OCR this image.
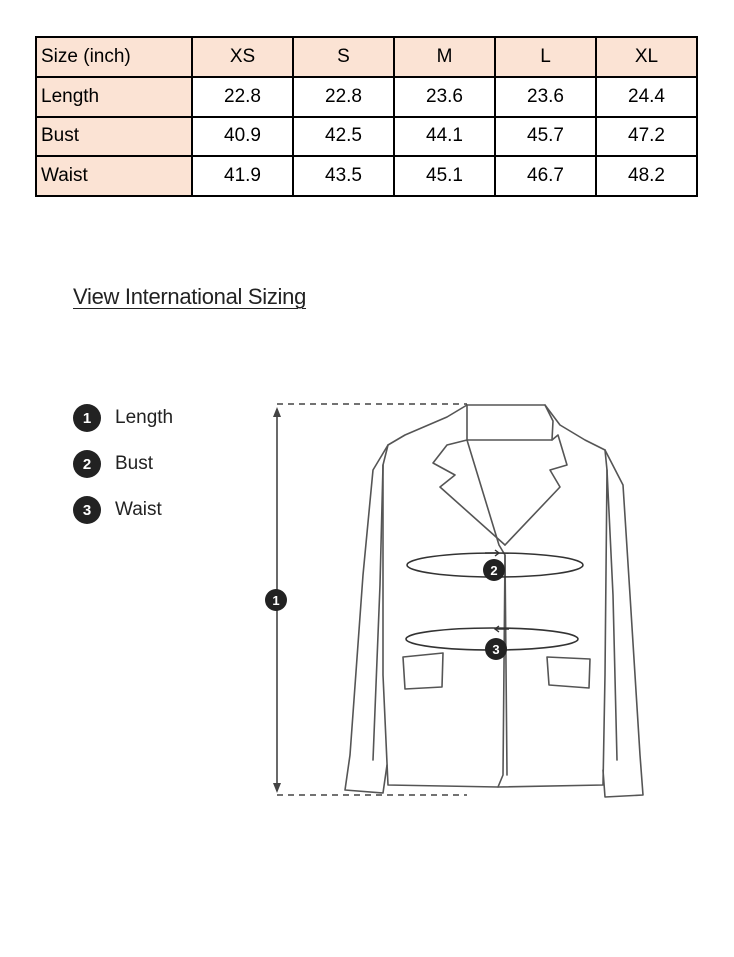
Size (inch)	XS	S	M	L	XL
Length	22.8	22.8	23.6	23.6	24.4
Bust	40.9	42.5	44.1	45.7	47.2
Waist	41.9	43.5	45.1	46.7	48.2
View International Sizing
1	Length
2	Bust
3	Waist
1
2
3
